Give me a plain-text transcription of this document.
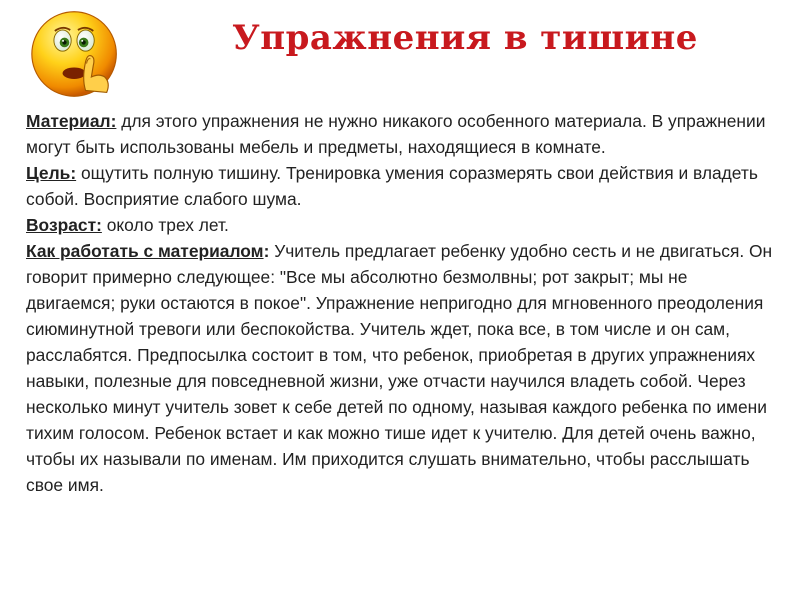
Упражнения в тишине

Материал: для этого упражнения не нужно никакого особенного материала. В упражнении могут быть использованы мебель и предметы, находящиеся в комнате.

Цель: ощутить полную тишину. Тренировка умения соразмерять свои действия и владеть собой. Восприятие слабого шума.

Возраст: около трех лет.

Как работать с материалом: Учитель предлагает ребенку удобно сесть и не двигаться. Он говорит примерно следующее: "Все мы абсолютно безмолвны; рот закрыт; мы не двигаемся; руки остаются в покое". Упражнение непригодно для мгновенного преодоления сиюминутной тревоги или беспокойства. Учитель ждет, пока все, в том числе и он сам, расслабятся. Предпосылка состоит в том, что ребенок, приобретая в других упражнениях навыки, полезные для повседневной жизни, уже отчасти научился владеть собой. Через несколько минут учитель зовет к себе детей по одному, называя каждого ребенка по имени тихим голосом. Ребенок встает и как можно тише идет к учителю. Для детей очень важно, чтобы их называли по именам. Им приходится слушать внимательно, чтобы расслышать свое имя.
